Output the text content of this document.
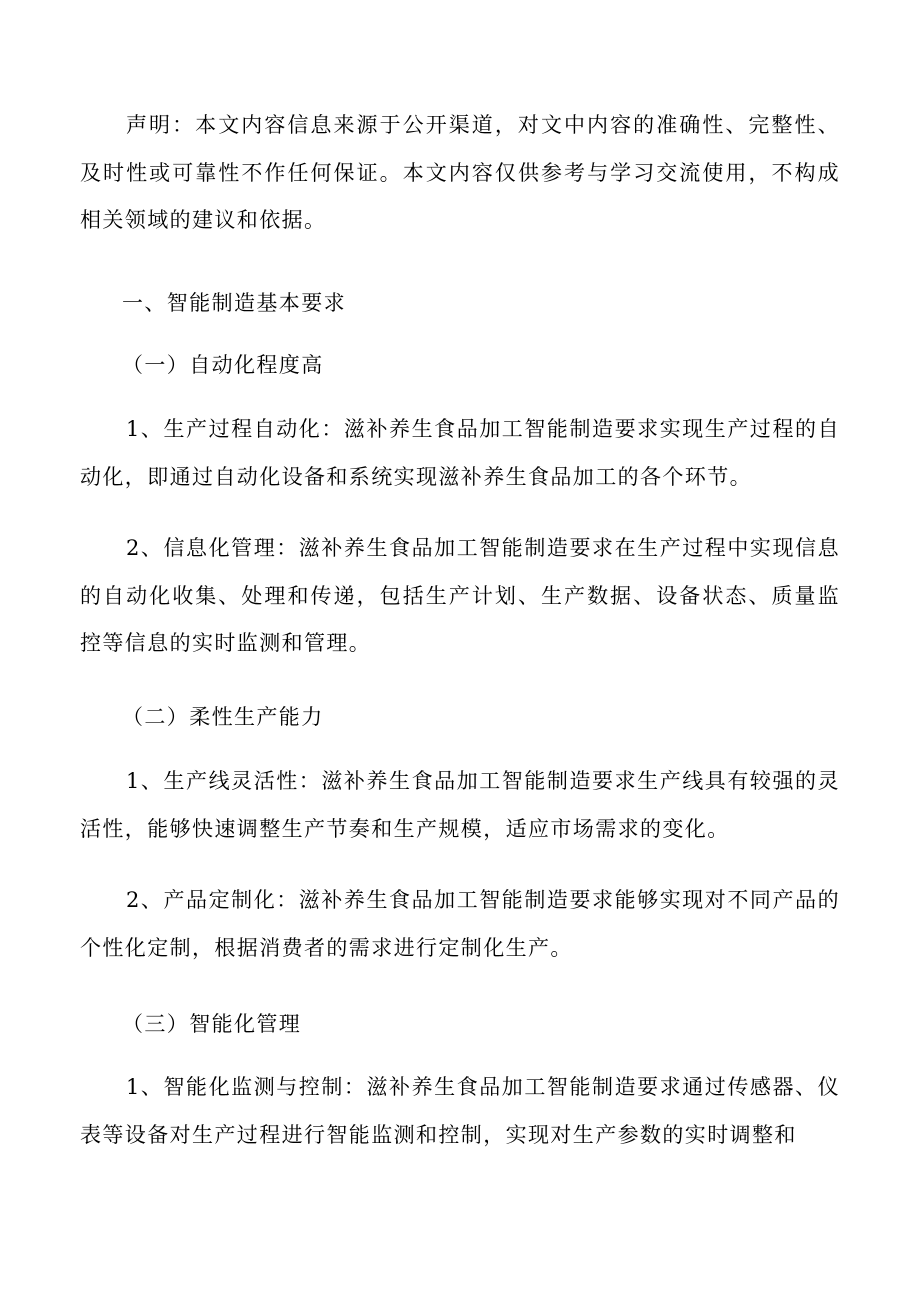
声明：本文内容信息来源于公开渠道，对文中内容的准确性、完整性、及时性或可靠性不作任何保证。本文内容仅供参考与学习交流使用，不构成相关领域的建议和依据。

一、智能制造基本要求

（一）自动化程度高

1、生产过程自动化：滋补养生食品加工智能制造要求实现生产过程的自动化，即通过自动化设备和系统实现滋补养生食品加工的各个环节。

2、信息化管理：滋补养生食品加工智能制造要求在生产过程中实现信息的自动化收集、处理和传递，包括生产计划、生产数据、设备状态、质量监控等信息的实时监测和管理。

（二）柔性生产能力

1、生产线灵活性：滋补养生食品加工智能制造要求生产线具有较强的灵活性，能够快速调整生产节奏和生产规模，适应市场需求的变化。

2、产品定制化：滋补养生食品加工智能制造要求能够实现对不同产品的个性化定制，根据消费者的需求进行定制化生产。

（三）智能化管理

1、智能化监测与控制：滋补养生食品加工智能制造要求通过传感器、仪表等设备对生产过程进行智能监测和控制，实现对生产参数的实时调整和
